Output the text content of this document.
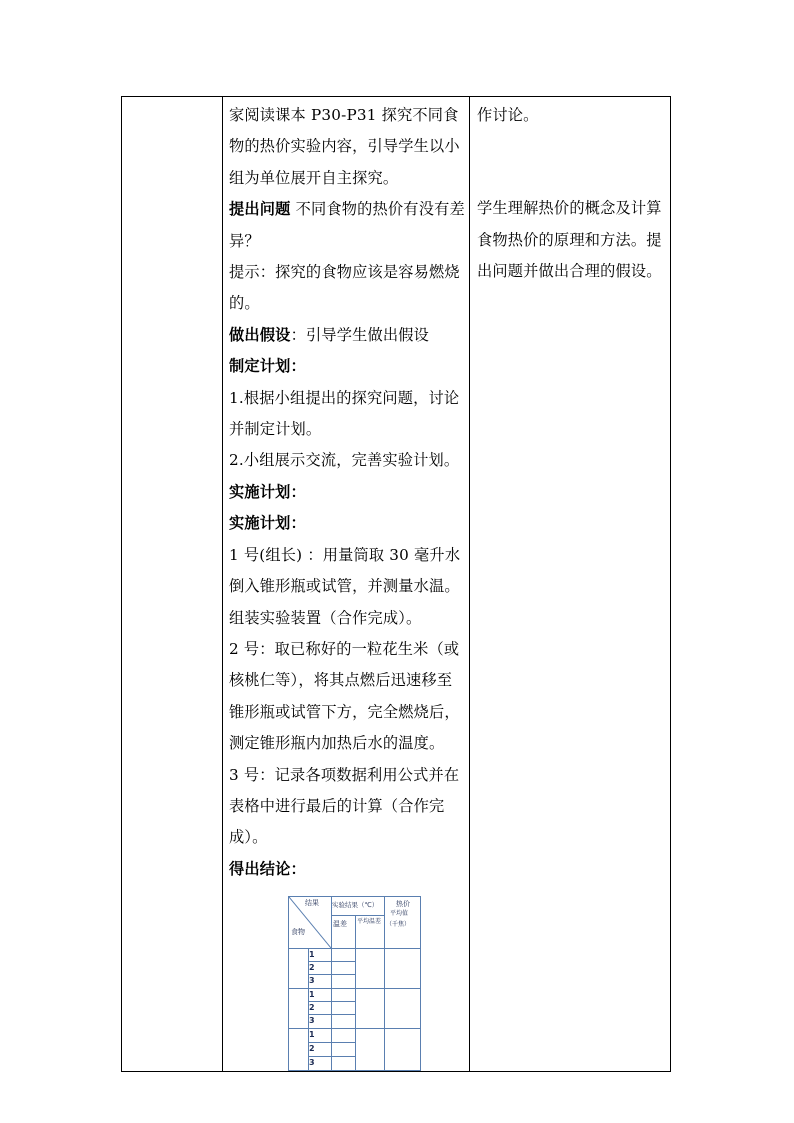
家阅读课本 P30-P31 探究不同食物的热价实验内容，引导学生以小组为单位展开自主探究。

提出问题 不同食物的热价有没有差异？

提示：探究的食物应该是容易燃烧的。

做出假设：引导学生做出假设

制定计划：

1.根据小组提出的探究问题，讨论并制定计划。

2.小组展示交流，完善实验计划。

实施计划：

实施计划：

1 号(组长) ：用量筒取 30 毫升水倒入锥形瓶或试管，并测量水温。组装实验装置（合作完成）。

2 号：取已称好的一粒花生米（或核桃仁等），将其点燃后迅速移至锥形瓶或试管下方，完全燃烧后，测定锥形瓶内加热后水的温度。

3 号：记录各项数据利用公式并在表格中进行最后的计算（合作完成）。

得出结论：

作讨论。

学生理解热价的概念及计算食物热价的原理和方法。提出问题并做出合理的假设。

结果
食物
实验结果（℃）
温差 平均温差
热价
平均值
（千焦）
1
2
3
1
2
3
1
2
3
